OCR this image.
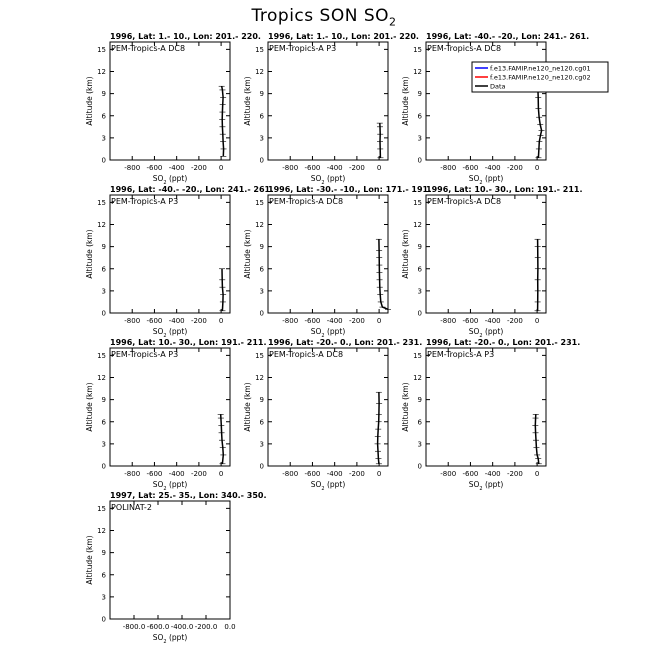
Tropics SON $SO_2$
1996, Lat: 1.- 10., Lon: 201.- 220.
PEM-Tropics-A DC8
0
3
6
9
12
15
-800 -600 -400 -200 0
$SO_2$ (ppt)
Altitude (km)
1996, Lat: 1.- 10., Lon: 201.- 220.
PEM-Tropics-A P3
0
3
6
9
12
15
-800 -600 -400 -200 0
$SO_2$ (ppt)
Altitude (km)
1996, Lat: -40.- -20., Lon: 241.- 261.
PEM-Tropics-A DC8
0
3
6
9
12
15
-800 -600 -400 -200 0
$SO_2$ (ppt)
Altitude (km)
1996, Lat: -40.- -20., Lon: 241.- 261.
PEM-Tropics-A P3
0
3
6
9
12
15
-800 -600 -400 -200 0
$SO_2$ (ppt)
Altitude (km)
1996, Lat: -30.- -10., Lon: 171.- 191.
PEM-Tropics-A DC8
0
3
6
9
12
15
-800 -600 -400 -200 0
$SO_2$ (ppt)
Altitude (km)
1996, Lat: 10.- 30., Lon: 191.- 211.
PEM-Tropics-A DC8
0
3
6
9
12
15
-800 -600 -400 -200 0
$SO_2$ (ppt)
Altitude (km)
1996, Lat: 10.- 30., Lon: 191.- 211.
PEM-Tropics-A P3
0
3
6
9
12
15
-800 -600 -400 -200 0
$SO_2$ (ppt)
Altitude (km)
1996, Lat: -20.- 0., Lon: 201.- 231.
PEM-Tropics-A DC8
0
3
6
9
12
15
-800 -600 -400 -200 0
$SO_2$ (ppt)
Altitude (km)
1996, Lat: -20.- 0., Lon: 201.- 231.
PEM-Tropics-A P3
0
3
6
9
12
15
-800 -600 -400 -200 0
$SO_2$ (ppt)
Altitude (km)
1997, Lat: 25.- 35., Lon: 340.- 350.
POLINAT-2
0
3
6
9
12
15
-800.0 -600.0 -400.0 -200.0 0.0
$SO_2$ (ppt)
Altitude (km)
f.e13.FAMIP.ne120_ne120.cg01
f.e13.FAMIP.ne120_ne120.cg02
Data
